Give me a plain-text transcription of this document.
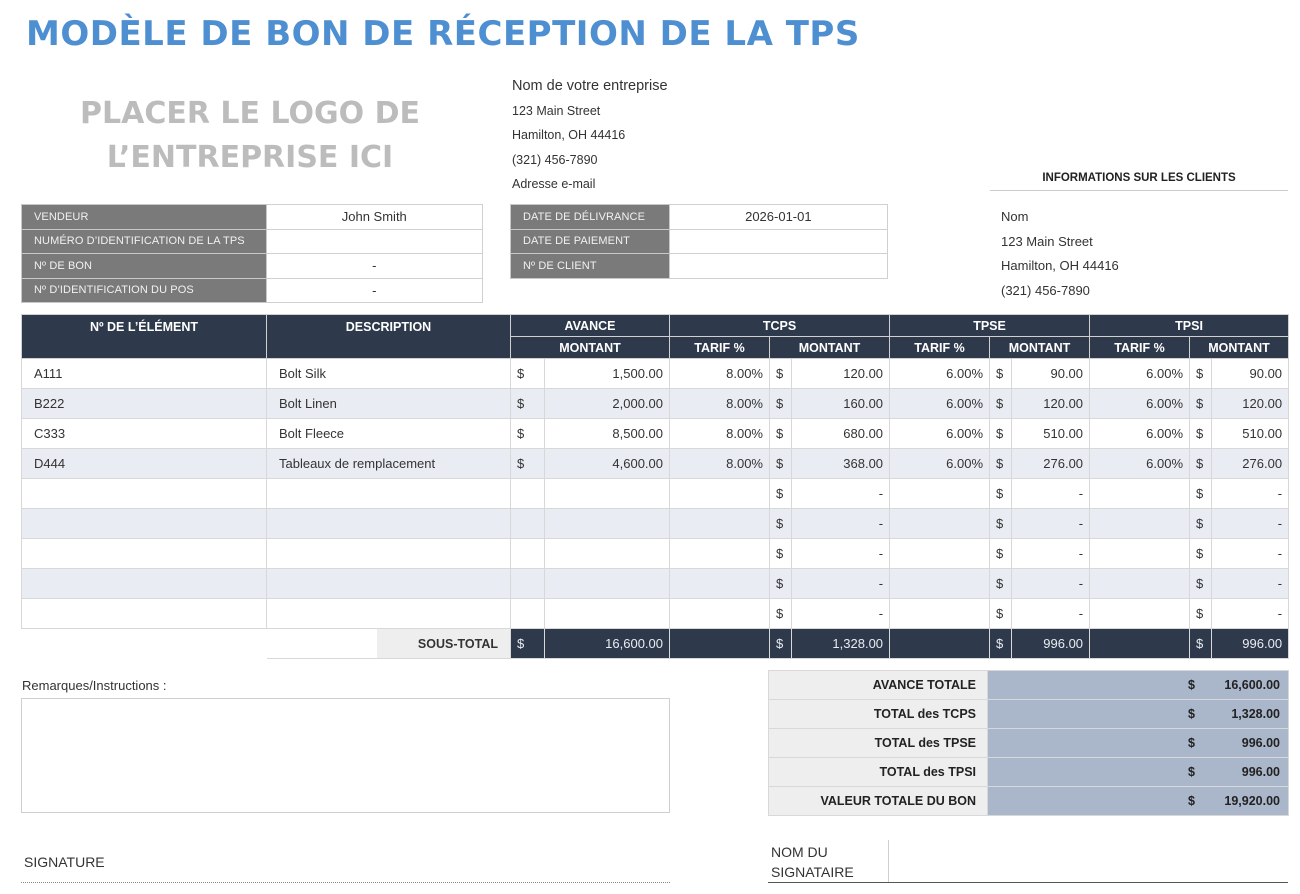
MODÈLE DE BON DE RÉCEPTION DE LA TPS
PLACER LE LOGO DE
L’ENTREPRISE ICI
Nom de votre entreprise
123 Main Street
Hamilton, OH 44416
(321) 456-7890
Adresse e-mail
VENDEUR	John Smith
NUMÉRO D’IDENTIFICATION DE LA TPS	
Nº DE BON	-
Nº D’IDENTIFICATION DU POS	-
DATE DE DÉLIVRANCE	2026-01-01
DATE DE PAIEMENT	
Nº DE CLIENT	
INFORMATIONS SUR LES CLIENTS
Nom
123 Main Street
Hamilton, OH 44416
(321) 456-7890
Nº DE L’ÉLÉMENT	DESCRIPTION	AVANCE		TCPS			TPSE			TPSI		
		MONTANT		TARIF %	MONTANT		TARIF %	MONTANT		TARIF %	MONTANT	
A111	Bolt Silk	$	1,500.00	8.00%	$	120.00	6.00%	$	90.00	6.00%	$	90.00
B222	Bolt Linen	$	2,000.00	8.00%	$	160.00	6.00%	$	120.00	6.00%	$	120.00
C333	Bolt Fleece	$	8,500.00	8.00%	$	680.00	6.00%	$	510.00	6.00%	$	510.00
D444	Tableaux de remplacement	$	4,600.00	8.00%	$	368.00	6.00%	$	276.00	6.00%	$	276.00
					$	-		$	-		$	-
					$	-		$	-		$	-
					$	-		$	-		$	-
					$	-		$	-		$	-
					$	-		$	-		$	-
	SOUS-TOTAL	$	16,600.00		$	1,328.00		$	996.00		$	996.00
Remarques/Instructions :	AVANCE TOTALE	$ 16,600.00

TOTAL des TCPS	$ 1,328.00

TOTAL des TPSE	$ 996.00

TOTAL des TPSI	$ 996.00

VALEUR TOTALE DU BON	$ 19,920.00
SIGNATURE
NOM DU
SIGNATAIRE
